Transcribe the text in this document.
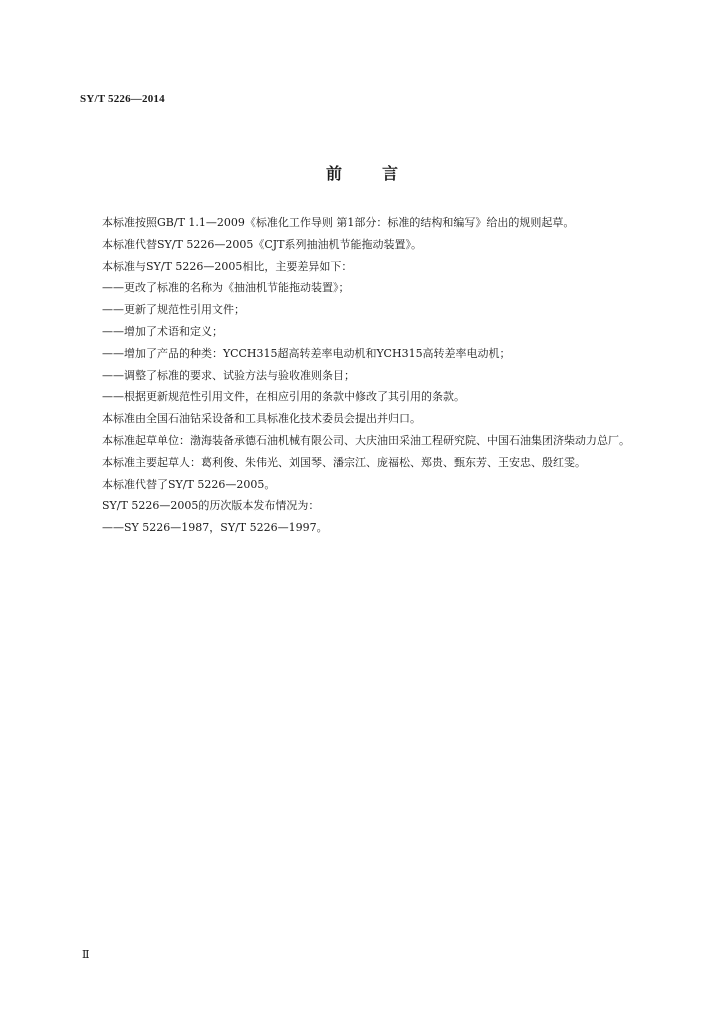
SY/T 5226—2014
前言

本标准按照GB/T 1.1—2009《标准化工作导则 第1部分：标准的结构和编写》给出的规则起草。

本标准代替SY/T 5226—2005《CJT系列抽油机节能拖动装置》。

本标准与SY/T 5226—2005相比，主要差异如下：

——更改了标准的名称为《抽油机节能拖动装置》；

——更新了规范性引用文件；

——增加了术语和定义；

——增加了产品的种类：YCCH315超高转差率电动机和YCH315高转差率电动机；

——调整了标准的要求、试验方法与验收准则条目；

——根据更新规范性引用文件，在相应引用的条款中修改了其引用的条款。

本标准由全国石油钻采设备和工具标准化技术委员会提出并归口。

本标准起草单位：渤海装备承德石油机械有限公司、大庆油田采油工程研究院、中国石油集团济柴动力总厂。

本标准主要起草人：葛利俊、朱伟光、刘国琴、潘宗江、庞福松、郑贵、甄东芳、王安忠、殷红雯。

本标准代替了SY/T 5226—2005。

SY/T 5226—2005的历次版本发布情况为：

——SY 5226—1987，SY/T 5226—1997。

Ⅱ
